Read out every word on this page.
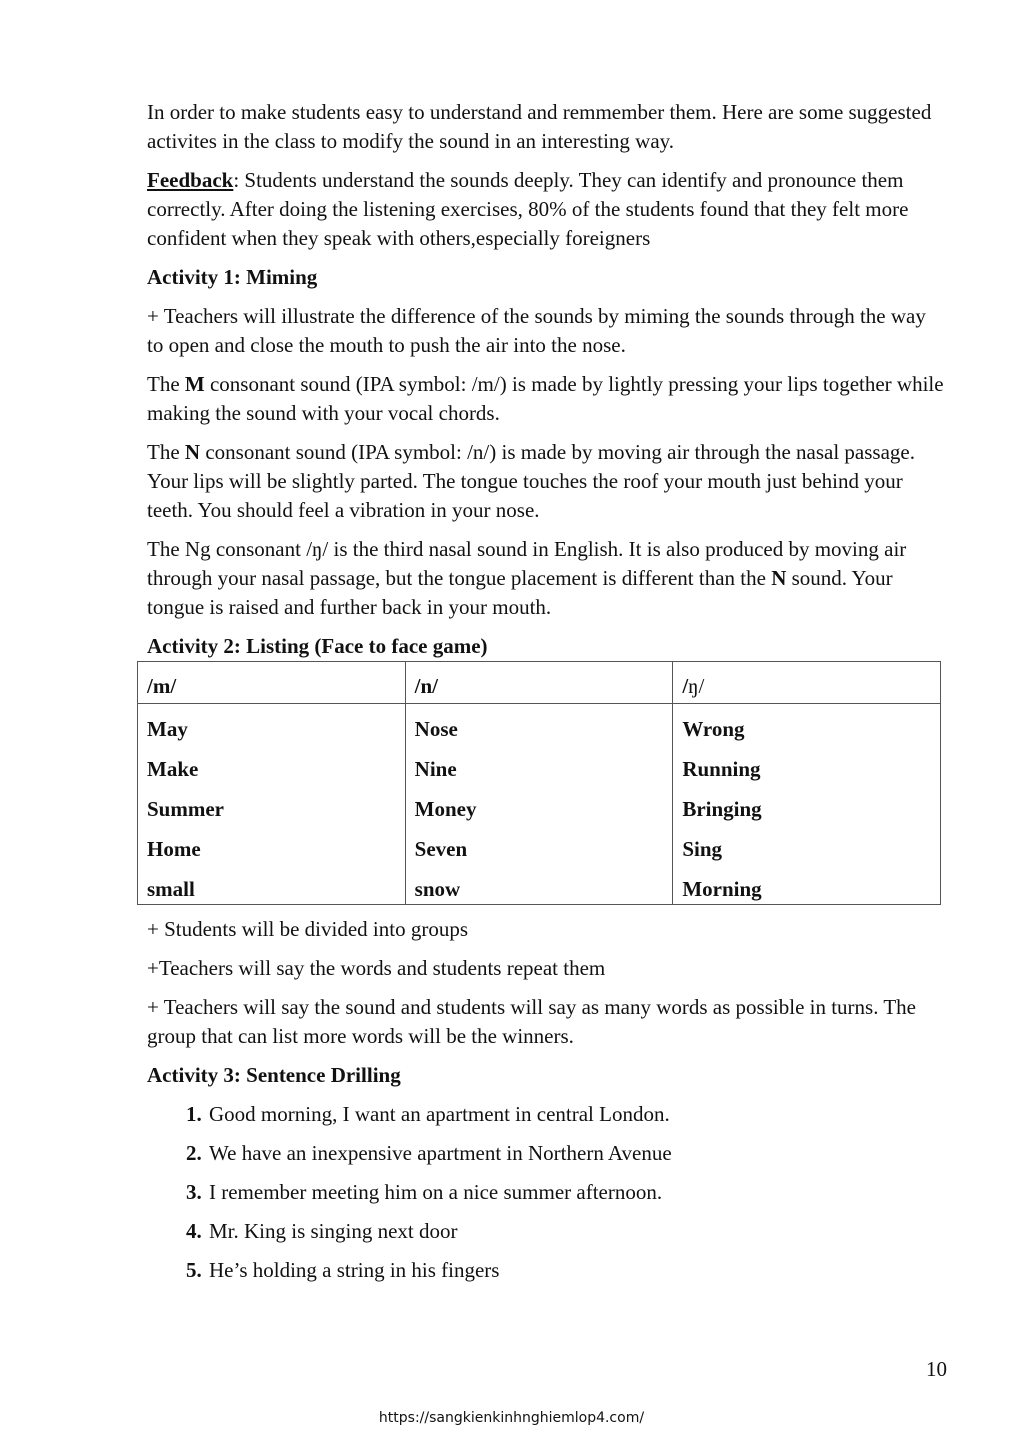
In order to make students easy to understand and remmember them. Here are some suggested activites in the class to modify the sound in an interesting way.

Feedback: Students understand the sounds deeply. They can identify and pronounce them correctly. After doing the listening exercises, 80% of the students found that they felt more confident when they speak with others,especially foreigners

Activity 1: Miming

+ Teachers will illustrate the difference of the sounds by miming the sounds through the way to open and close the mouth to push the air into the nose.

The M consonant sound (IPA symbol: /m/) is made by lightly pressing your lips together while making the sound with your vocal chords.

The N consonant sound (IPA symbol: /n/) is made by moving air through the nasal passage. Your lips will be slightly parted. The tongue touches the roof your mouth just behind your teeth. You should feel a vibration in your nose.

The Ng consonant /ŋ/ is the third nasal sound in English. It is also produced by moving air through your nasal passage, but the tongue placement is different than the N sound. Your tongue is raised and further back in your mouth.

Activity 2: Listing (Face to face game)
/m/	/n/	/ŋ/

May	Nose	Wrong

Make	Nine	Running

Summer	Money	Bringing

Home	Seven	Sing

small	snow	Morning

+ Students will be divided into groups

+Teachers will say the words and students repeat them

+ Teachers will say the sound and students will say as many words as possible in turns. The group that can list more words will be the winners.

Activity 3: Sentence Drilling
1. Good morning, I want an apartment in central London.
2. We have an inexpensive apartment in Northern Avenue
3. I remember meeting him on a nice summer afternoon.
4. Mr. King is singing next door
5. He’s holding a string in his fingers
10
https://sangkienkinhnghiemlop4.com/
